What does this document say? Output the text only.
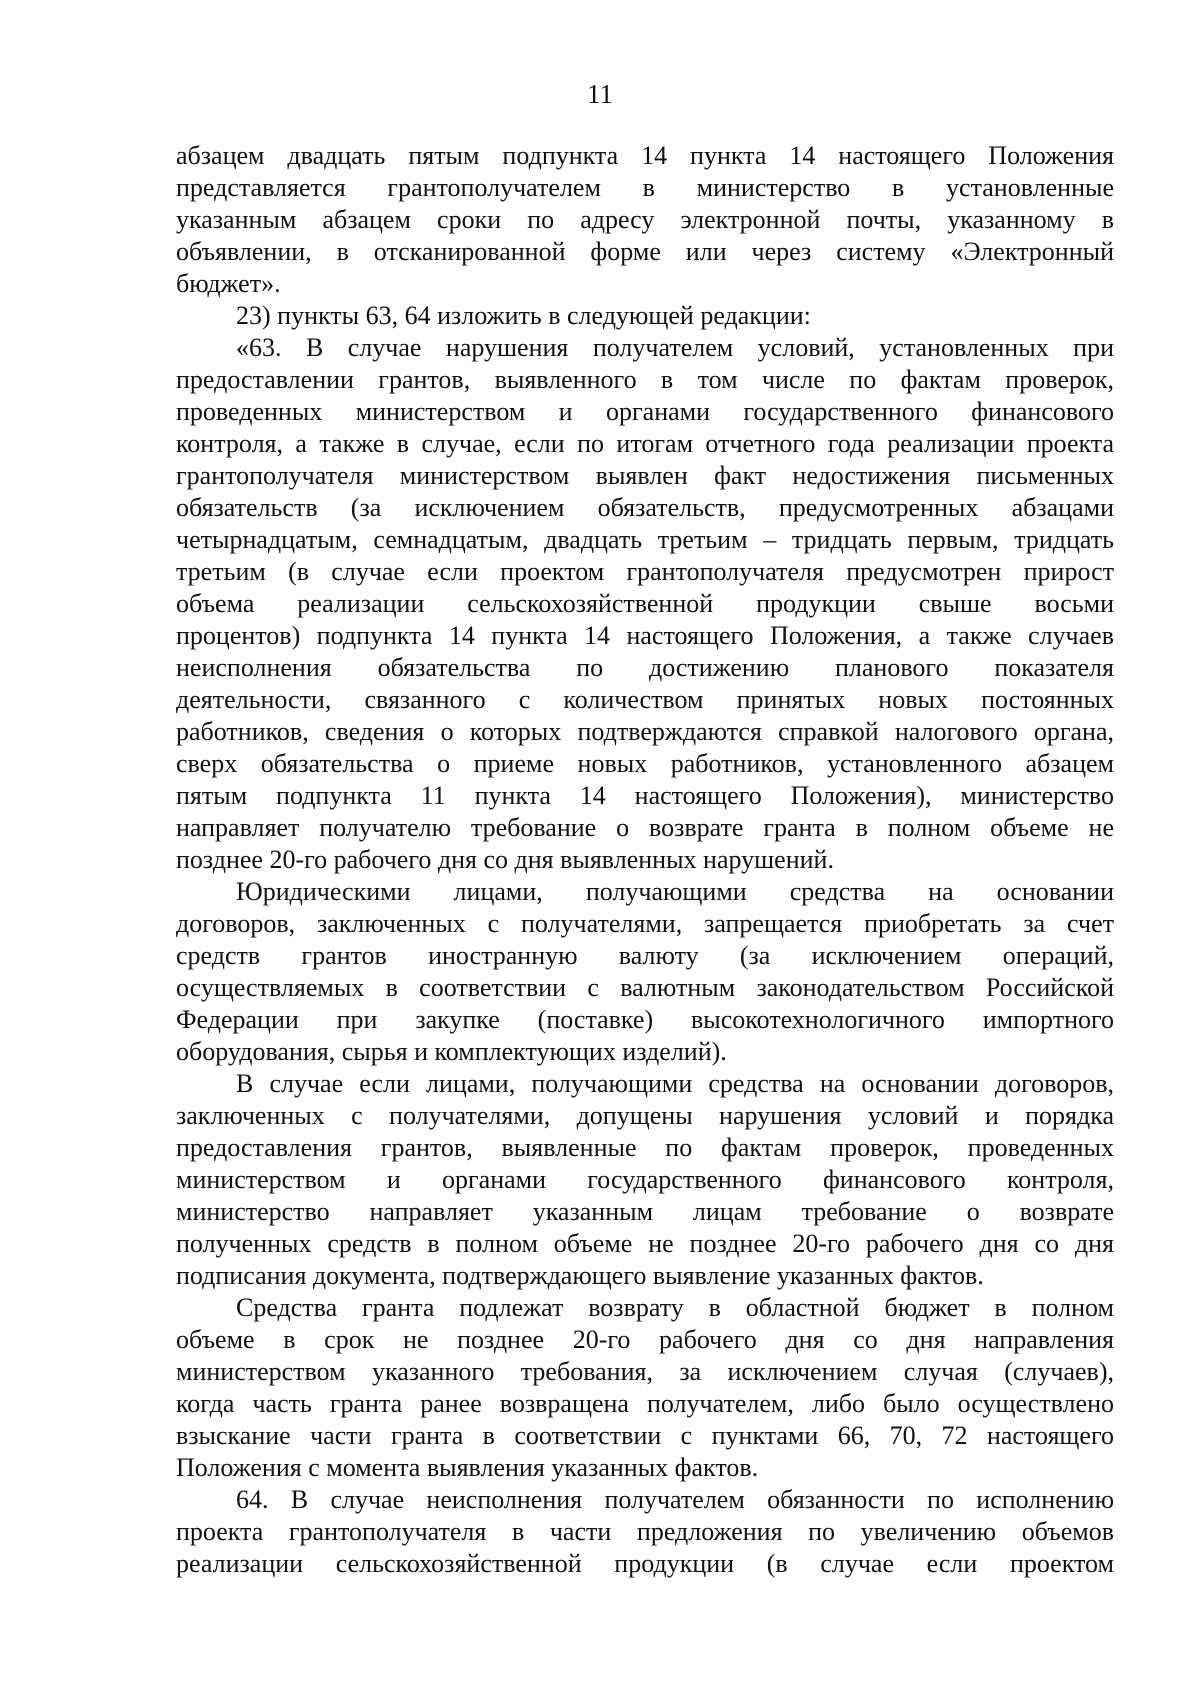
11
абзацем двадцать пятым подпункта 14 пункта 14 настоящего Положения
представляется грантополучателем в министерство в установленные
указанным абзацем сроки по адресу электронной почты, указанному в
объявлении, в отсканированной форме или через систему «Электронный
бюджет».
23) пункты 63, 64 изложить в следующей редакции:
«63. В случае нарушения получателем условий, установленных при
предоставлении грантов, выявленного в том числе по фактам проверок,
проведенных министерством и органами государственного финансового
контроля, а также в случае, если по итогам отчетного года реализации проекта
грантополучателя министерством выявлен факт недостижения письменных
обязательств (за исключением обязательств, предусмотренных абзацами
четырнадцатым, семнадцатым, двадцать третьим – тридцать первым, тридцать
третьим (в случае если проектом грантополучателя предусмотрен прирост
объема реализации сельскохозяйственной продукции свыше восьми
процентов) подпункта 14 пункта 14 настоящего Положения, а также случаев
неисполнения обязательства по достижению планового показателя
деятельности, связанного с количеством принятых новых постоянных
работников, сведения о которых подтверждаются справкой налогового органа,
сверх обязательства о приеме новых работников, установленного абзацем
пятым подпункта 11 пункта 14 настоящего Положения), министерство
направляет получателю требование о возврате гранта в полном объеме не
позднее 20-го рабочего дня со дня выявленных нарушений.
Юридическими лицами, получающими средства на основании
договоров, заключенных с получателями, запрещается приобретать за счет
средств грантов иностранную валюту (за исключением операций,
осуществляемых в соответствии с валютным законодательством Российской
Федерации при закупке (поставке) высокотехнологичного импортного
оборудования, сырья и комплектующих изделий).
В случае если лицами, получающими средства на основании договоров,
заключенных с получателями, допущены нарушения условий и порядка
предоставления грантов, выявленные по фактам проверок, проведенных
министерством и органами государственного финансового контроля,
министерство направляет указанным лицам требование о возврате
полученных средств в полном объеме не позднее 20-го рабочего дня со дня
подписания документа, подтверждающего выявление указанных фактов.
Средства гранта подлежат возврату в областной бюджет в полном
объеме в срок не позднее 20-го рабочего дня со дня направления
министерством указанного требования, за исключением случая (случаев),
когда часть гранта ранее возвращена получателем, либо было осуществлено
взыскание части гранта в соответствии с пунктами 66, 70, 72 настоящего
Положения с момента выявления указанных фактов.
64. В случае неисполнения получателем обязанности по исполнению
проекта грантополучателя в части предложения по увеличению объемов
реализации сельскохозяйственной продукции (в случае если проектом
